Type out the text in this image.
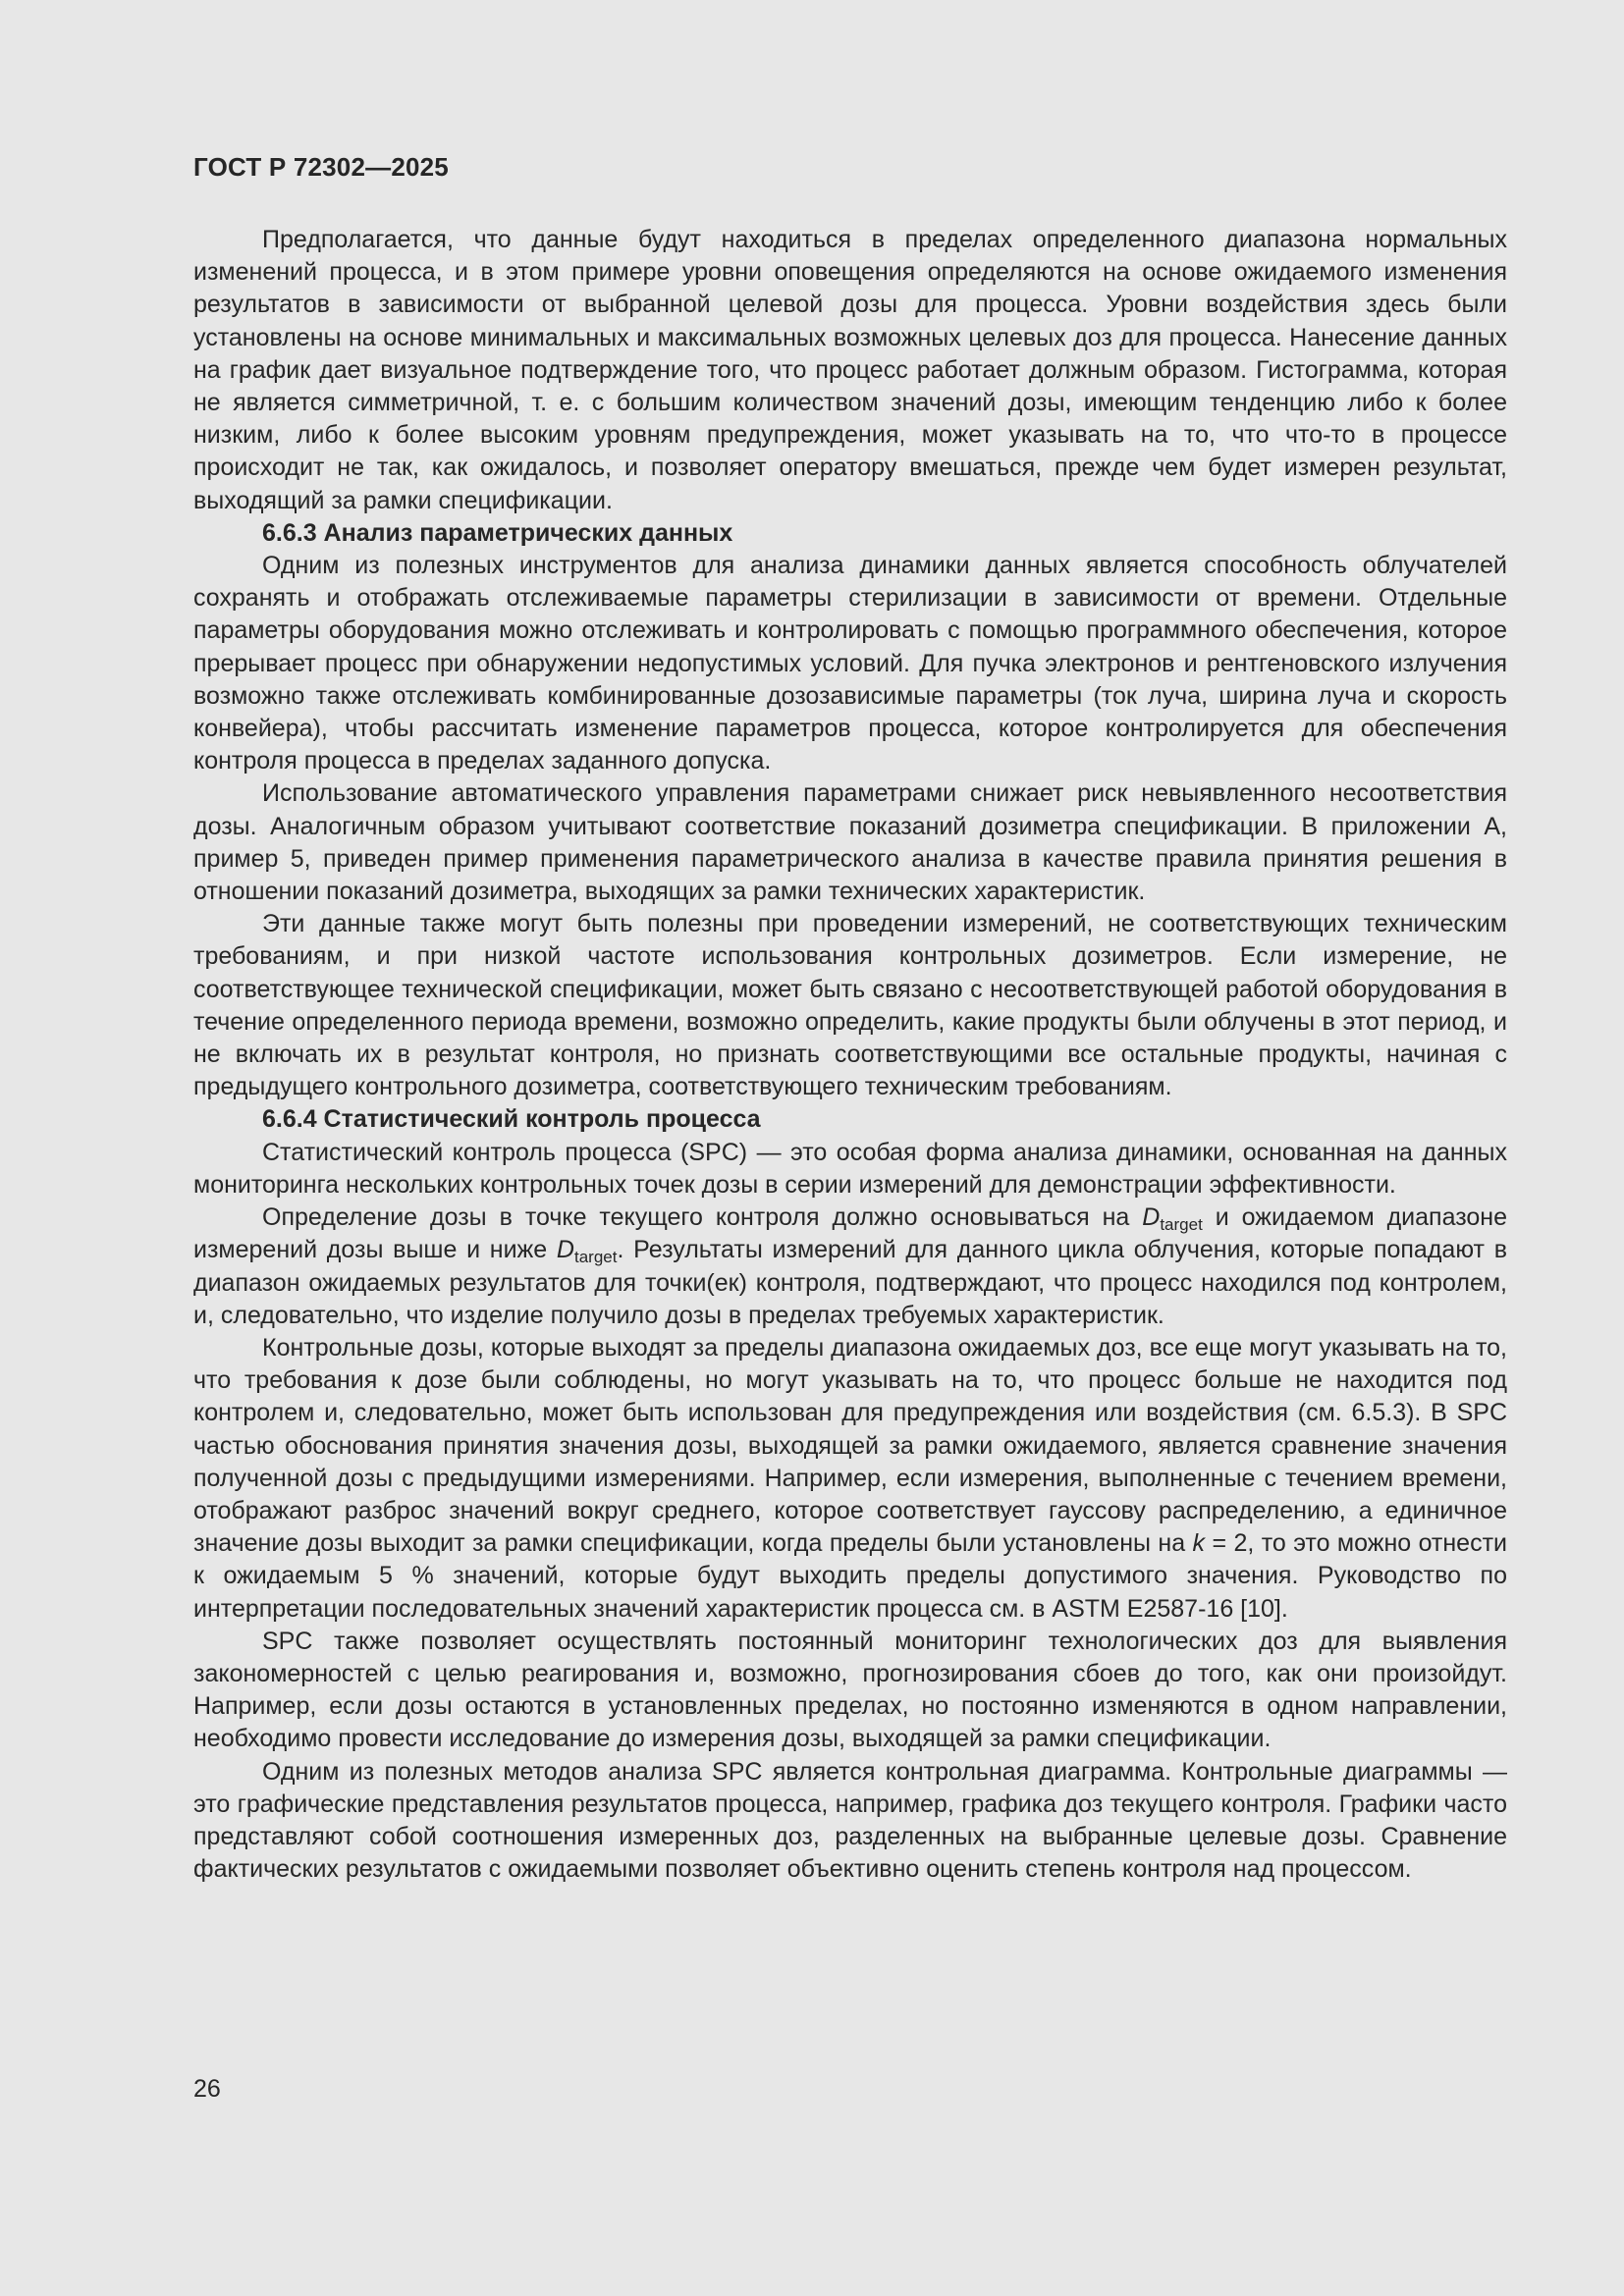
ГОСТ Р 72302—2025

Предполагается, что данные будут находиться в пределах определенного диапазона нормальных изменений процесса, и в этом примере уровни оповещения определяются на основе ожидаемого изменения результатов в зависимости от выбранной целевой дозы для процесса. Уровни воздействия здесь были установлены на основе минимальных и максимальных возможных целевых доз для процесса. Нанесение данных на график дает визуальное подтверждение того, что процесс работает должным образом. Гистограмма, которая не является симметричной, т. е. с большим количеством значений дозы, имеющим тенденцию либо к более низким, либо к более высоким уровням предупреждения, может указывать на то, что что-то в процессе происходит не так, как ожидалось, и позволяет оператору вмешаться, прежде чем будет измерен результат, выходящий за рамки спецификации.

6.6.3 Анализ параметрических данных

Одним из полезных инструментов для анализа динамики данных является способность облучателей сохранять и отображать отслеживаемые параметры стерилизации в зависимости от времени. Отдельные параметры оборудования можно отслеживать и контролировать с помощью программного обеспечения, которое прерывает процесс при обнаружении недопустимых условий. Для пучка электронов и рентгеновского излучения возможно также отслеживать комбинированные дозозависимые параметры (ток луча, ширина луча и скорость конвейера), чтобы рассчитать изменение параметров процесса, которое контролируется для обеспечения контроля процесса в пределах заданного допуска.

Использование автоматического управления параметрами снижает риск невыявленного несоответствия дозы. Аналогичным образом учитывают соответствие показаний дозиметра спецификации. В приложении А, пример 5, приведен пример применения параметрического анализа в качестве правила принятия решения в отношении показаний дозиметра, выходящих за рамки технических характеристик.

Эти данные также могут быть полезны при проведении измерений, не соответствующих техническим требованиям, и при низкой частоте использования контрольных дозиметров. Если измерение, не соответствующее технической спецификации, может быть связано с несоответствующей работой оборудования в течение определенного периода времени, возможно определить, какие продукты были облучены в этот период, и не включать их в результат контроля, но признать соответствующими все остальные продукты, начиная с предыдущего контрольного дозиметра, соответствующего техническим требованиям.

6.6.4 Статистический контроль процесса

Статистический контроль процесса (SPC) — это особая форма анализа динамики, основанная на данных мониторинга нескольких контрольных точек дозы в серии измерений для демонстрации эффективности.

Определение дозы в точке текущего контроля должно основываться на $D_{target}$ и ожидаемом диапазоне измерений дозы выше и ниже $D_{target}$. Результаты измерений для данного цикла облучения, которые попадают в диапазон ожидаемых результатов для точки(ек) контроля, подтверждают, что процесс находился под контролем, и, следовательно, что изделие получило дозы в пределах требуемых характеристик.

Контрольные дозы, которые выходят за пределы диапазона ожидаемых доз, все еще могут указывать на то, что требования к дозе были соблюдены, но могут указывать на то, что процесс больше не находится под контролем и, следовательно, может быть использован для предупреждения или воздействия (см. 6.5.3). В SPC частью обоснования принятия значения дозы, выходящей за рамки ожидаемого, является сравнение значения полученной дозы с предыдущими измерениями. Например, если измерения, выполненные с течением времени, отображают разброс значений вокруг среднего, которое соответствует гауссову распределению, а единичное значение дозы выходит за рамки спецификации, когда пределы были установлены на k = 2, то это можно отнести к ожидаемым 5 % значений, которые будут выходить пределы допустимого значения. Руководство по интерпретации последовательных значений характеристик процесса см. в ASTM E2587-16 [10].

SPC также позволяет осуществлять постоянный мониторинг технологических доз для выявления закономерностей с целью реагирования и, возможно, прогнозирования сбоев до того, как они произойдут. Например, если дозы остаются в установленных пределах, но постоянно изменяются в одном направлении, необходимо провести исследование до измерения дозы, выходящей за рамки спецификации.

Одним из полезных методов анализа SPC является контрольная диаграмма. Контрольные диаграммы — это графические представления результатов процесса, например, графика доз текущего контроля. Графики часто представляют собой соотношения измеренных доз, разделенных на выбранные целевые дозы. Сравнение фактических результатов с ожидаемыми позволяет объективно оценить степень контроля над процессом.

26
